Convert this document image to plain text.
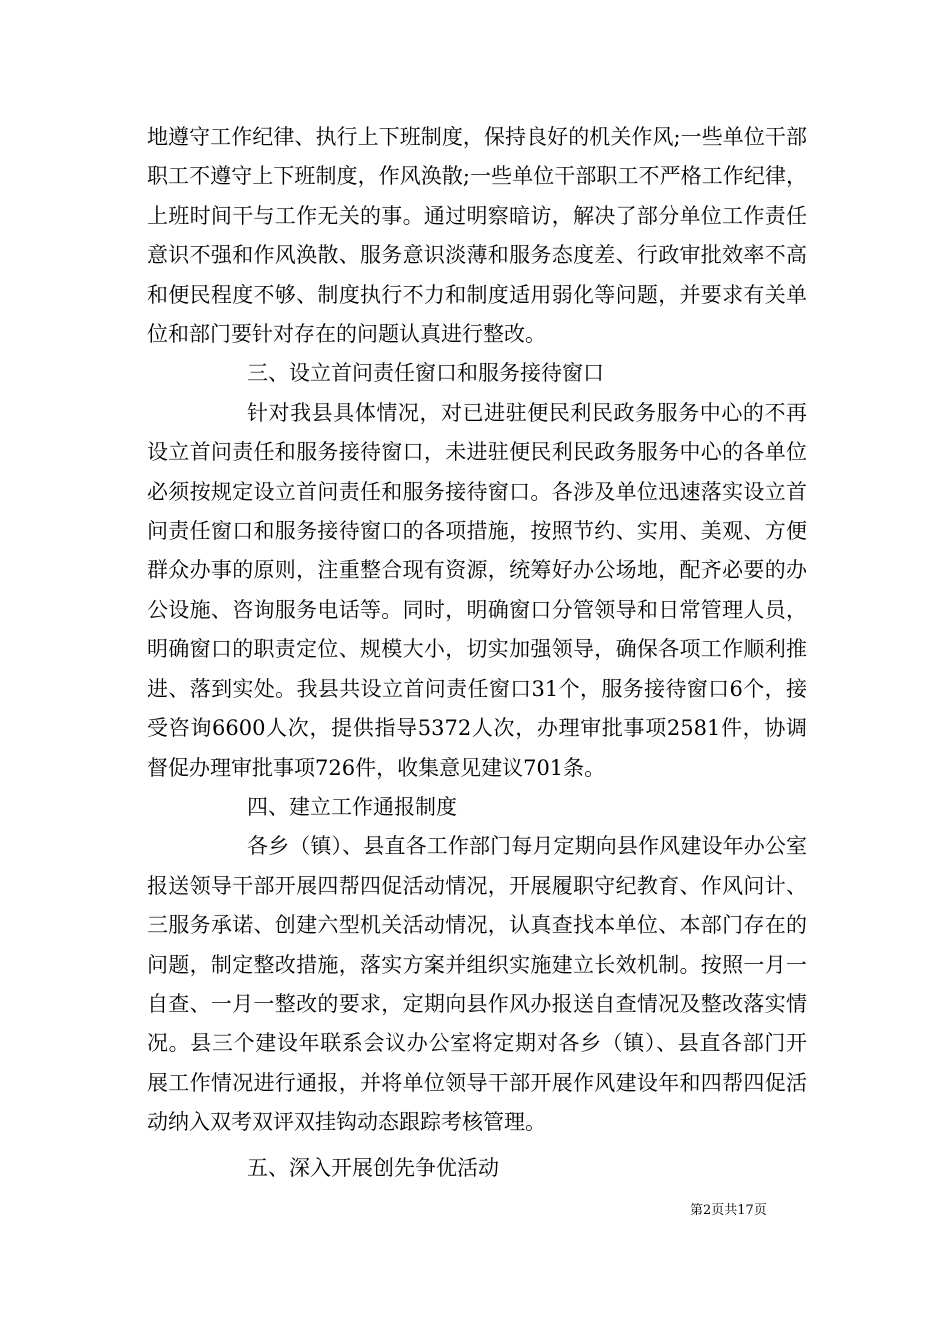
地遵守工作纪律、执行上下班制度，保持良好的机关作风;一些单位干部职工不遵守上下班制度，作风涣散;一些单位干部职工不严格工作纪律，上班时间干与工作无关的事。通过明察暗访，解决了部分单位工作责任意识不强和作风涣散、服务意识淡薄和服务态度差、行政审批效率不高和便民程度不够、制度执行不力和制度适用弱化等问题，并要求有关单位和部门要针对存在的问题认真进行整改。

三、设立首问责任窗口和服务接待窗口

针对我县具体情况，对已进驻便民利民政务服务中心的不再设立首问责任和服务接待窗口，未进驻便民利民政务服务中心的各单位必须按规定设立首问责任和服务接待窗口。各涉及单位迅速落实设立首问责任窗口和服务接待窗口的各项措施，按照节约、实用、美观、方便群众办事的原则，注重整合现有资源，统筹好办公场地，配齐必要的办公设施、咨询服务电话等。同时，明确窗口分管领导和日常管理人员，明确窗口的职责定位、规模大小，切实加强领导，确保各项工作顺利推进、落到实处。我县共设立首问责任窗口31个，服务接待窗口6个，接受咨询6600人次，提供指导5372人次，办理审批事项2581件，协调督促办理审批事项726件，收集意见建议701条。

四、建立工作通报制度

各乡（镇）、县直各工作部门每月定期向县作风建设年办公室报送领导干部开展四帮四促活动情况，开展履职守纪教育、作风问计、三服务承诺、创建六型机关活动情况，认真查找本单位、本部门存在的问题，制定整改措施，落实方案并组织实施建立长效机制。按照一月一自查、一月一整改的要求，定期向县作风办报送自查情况及整改落实情况。县三个建设年联系会议办公室将定期对各乡（镇）、县直各部门开展工作情况进行通报，并将单位领导干部开展作风建设年和四帮四促活动纳入双考双评双挂钩动态跟踪考核管理。

五、深入开展创先争优活动

第2页共17页
